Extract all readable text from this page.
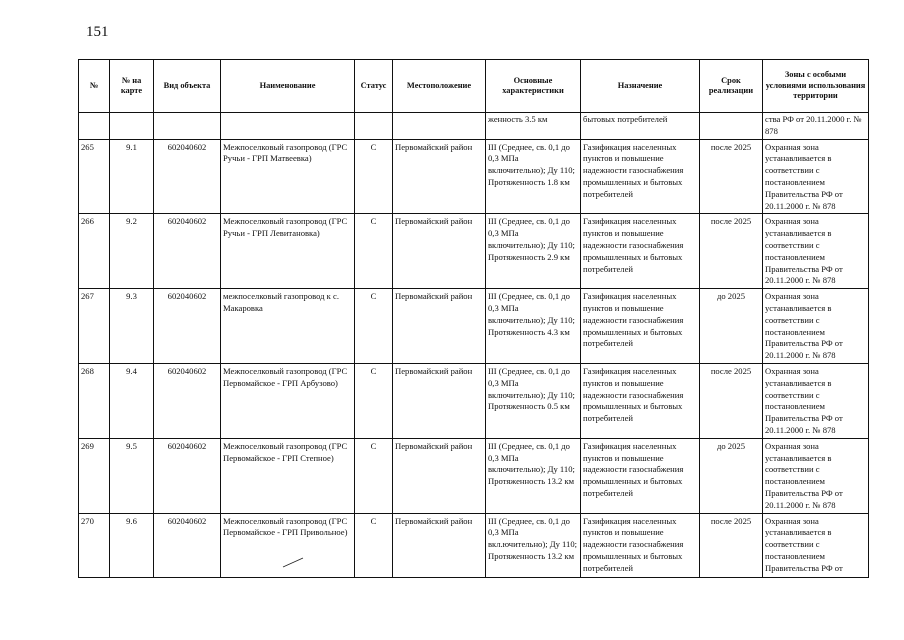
151
№	№ на карте	Вид объекта	Наименование	Статус	Местоположение	Основные характеристики	Назначение	Срок реализации	Зоны с особыми условиями использования территории
						женность 3.5 км	бытовых потребителей		ства РФ от 20.11.2000 г. № 878
265	9.1	602040602	Межпоселковый газопровод (ГРС Ручьи - ГРП Матвеевка)	С	Первомайский район	III (Среднее, св. 0,1 до 0,3 МПа включительно); Ду 110; Протяженность 1.8 км	Газификация населенных пунктов и повышение надежности газоснабжения промышленных и бытовых потребителей	после 2025	Охранная зона устанавливается в соответствии с постановлением Правительства РФ от 20.11.2000 г. № 878
266	9.2	602040602	Межпоселковый газопровод (ГРС Ручьи - ГРП Левитановка)	С	Первомайский район	III (Среднее, св. 0,1 до 0,3 МПа включительно); Ду 110; Протяженность 2.9 км	Газификация населенных пунктов и повышение надежности газоснабжения промышленных и бытовых потребителей	после 2025	Охранная зона устанавливается в соответствии с постановлением Правительства РФ от 20.11.2000 г. № 878
267	9.3	602040602	межпоселковый газопровод к с. Макаровка	С	Первомайский район	III (Среднее, св. 0,1 до 0,3 МПа включительно); Ду 110; Протяженность 4.3 км	Газификация населенных пунктов и повышение надежности газоснабжения промышленных и бытовых потребителей	до 2025	Охранная зона устанавливается в соответствии с постановлением Правительства РФ от 20.11.2000 г. № 878
268	9.4	602040602	Межпоселковый газопровод (ГРС Первомайское - ГРП Арбузово)	С	Первомайский район	III (Среднее, св. 0,1 до 0,3 МПа включительно); Ду 110; Протяженность 0.5 км	Газификация населенных пунктов и повышение надежности газоснабжения промышленных и бытовых потребителей	после 2025	Охранная зона устанавливается в соответствии с постановлением Правительства РФ от 20.11.2000 г. № 878
269	9.5	602040602	Межпоселковый газопровод (ГРС Первомайское - ГРП Степное)	С	Первомайский район	III (Среднее, св. 0,1 до 0,3 МПа включительно); Ду 110; Протяженность 13.2 км	Газификация населенных пунктов и повышение надежности газоснабжения промышленных и бытовых потребителей	до 2025	Охранная зона устанавливается в соответствии с постановлением Правительства РФ от 20.11.2000 г. № 878
270	9.6	602040602	Межпоселковый газопровод (ГРС Первомайское - ГРП Привольное)	С	Первомайский район	III (Среднее, св. 0,1 до 0,3 МПа вкл.ючительно); Ду 110; Протяженность 13.2 км	Газификация населенных пунктов и повышение надежности газоснабжения промышленных и бытовых потребителей	после 2025	Охранная зона устанавливается в соответствии с постановлением Правительства РФ от
